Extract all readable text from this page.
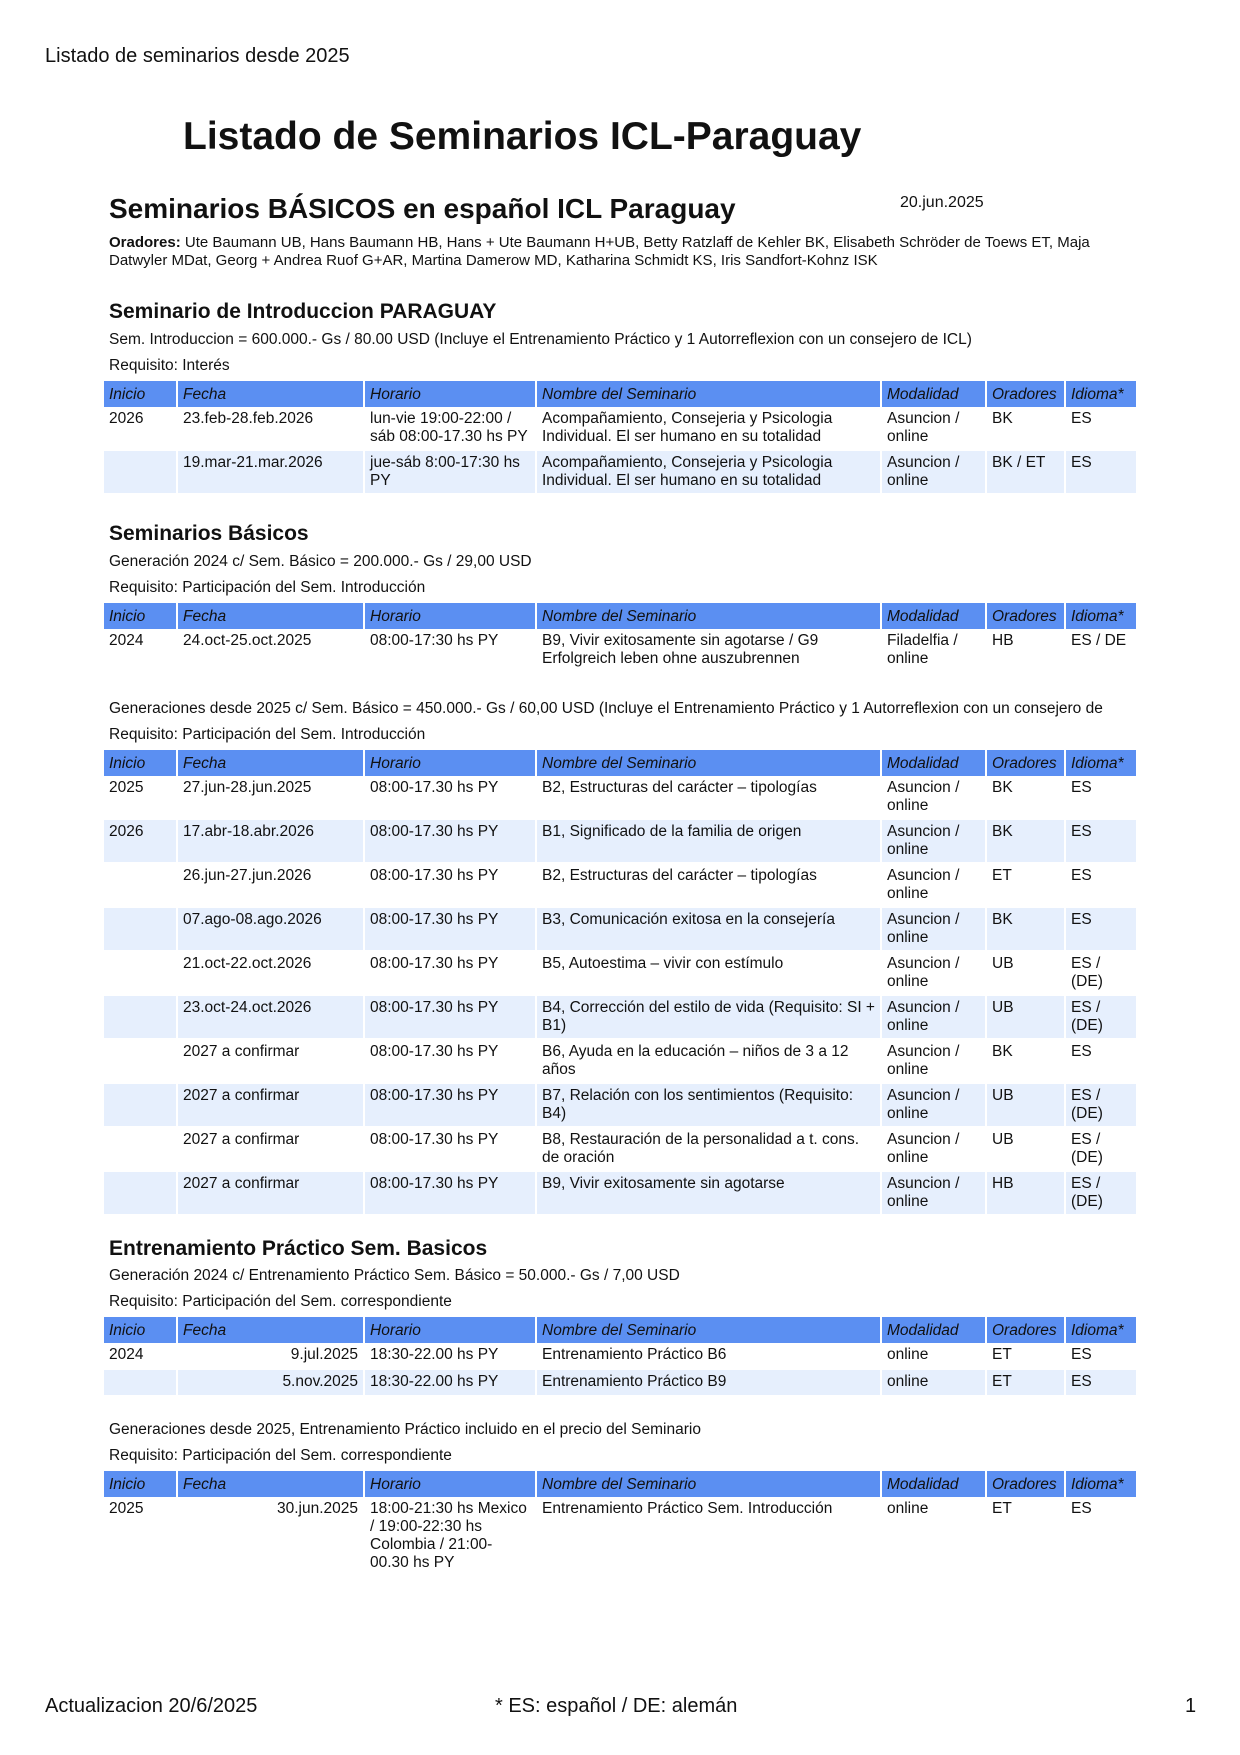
Listado de seminarios desde 2025
Listado de Seminarios ICL-Paraguay
Seminarios BÁSICOS en español ICL Paraguay	20.jun.2025
Oradores: Ute Baumann UB, Hans Baumann HB, Hans + Ute Baumann H+UB, Betty Ratzlaff de Kehler BK, Elisabeth Schröder de Toews ET, Maja Datwyler MDat, Georg + Andrea Ruof G+AR, Martina Damerow MD, Katharina Schmidt KS, Iris Sandfort-Kohnz ISK
Seminario de Introduccion PARAGUAY
Sem. Introduccion = 600.000.- Gs / 80.00 USD (Incluye el Entrenamiento Práctico y 1 Autorreflexion con un consejero de ICL)
Requisito: Interés
Inicio	Fecha	Horario	Nombre del Seminario	Modalidad	Oradores	Idioma*
2026	23.feb-28.feb.2026	lun-vie 19:00-22:00 / sáb 08:00-17.30 hs PY	Acompañamiento, Consejeria y Psicologia Individual. El ser humano en su totalidad	Asuncion / online	BK	ES
	19.mar-21.mar.2026	jue-sáb 8:00-17:30 hs PY	Acompañamiento, Consejeria y Psicologia Individual. El ser humano en su totalidad	Asuncion / online	BK / ET	ES
Seminarios Básicos
Generación 2024 c/ Sem. Básico = 200.000.- Gs / 29,00 USD
Requisito: Participación del Sem. Introducción
Inicio	Fecha	Horario	Nombre del Seminario	Modalidad	Oradores	Idioma*
2024	24.oct-25.oct.2025	08:00-17:30 hs PY	B9, Vivir exitosamente sin agotarse / G9 Erfolgreich leben ohne auszubrennen	Filadelfia / online	HB	ES / DE
Generaciones desde 2025 c/ Sem. Básico = 450.000.- Gs / 60,00 USD (Incluye el Entrenamiento Práctico y 1 Autorreflexion con un consejero de
Requisito: Participación del Sem. Introducción
Inicio	Fecha	Horario	Nombre del Seminario	Modalidad	Oradores	Idioma*
2025	27.jun-28.jun.2025	08:00-17.30 hs PY	B2, Estructuras del carácter – tipologías	Asuncion / online	BK	ES
2026	17.abr-18.abr.2026	08:00-17.30 hs PY	B1, Significado de la familia de origen	Asuncion / online	BK	ES
	26.jun-27.jun.2026	08:00-17.30 hs PY	B2, Estructuras del carácter – tipologías	Asuncion / online	ET	ES
	07.ago-08.ago.2026	08:00-17.30 hs PY	B3, Comunicación exitosa en la consejería	Asuncion / online	BK	ES
	21.oct-22.oct.2026	08:00-17.30 hs PY	B5, Autoestima – vivir con estímulo	Asuncion / online	UB	ES / (DE)
	23.oct-24.oct.2026	08:00-17.30 hs PY	B4, Corrección del estilo de vida (Requisito: SI + B1)	Asuncion / online	UB	ES / (DE)
	2027 a confirmar	08:00-17.30 hs PY	B6, Ayuda en la educación – niños de 3 a 12 años	Asuncion / online	BK	ES
	2027 a confirmar	08:00-17.30 hs PY	B7, Relación con los sentimientos (Requisito: B4)	Asuncion / online	UB	ES / (DE)
	2027 a confirmar	08:00-17.30 hs PY	B8, Restauración de la personalidad a t. cons. de oración	Asuncion / online	UB	ES / (DE)
	2027 a confirmar	08:00-17.30 hs PY	B9, Vivir exitosamente sin agotarse	Asuncion / online	HB	ES / (DE)
Entrenamiento Práctico Sem. Basicos
Generación 2024 c/ Entrenamiento Práctico Sem. Básico = 50.000.- Gs / 7,00 USD
Requisito: Participación del Sem. correspondiente
Inicio	Fecha	Horario	Nombre del Seminario	Modalidad	Oradores	Idioma*
2024	9.jul.2025	18:30-22.00 hs PY	Entrenamiento Práctico B6	online	ET	ES
	5.nov.2025	18:30-22.00 hs PY	Entrenamiento Práctico B9	online	ET	ES
Generaciones desde 2025, Entrenamiento Práctico incluido en el precio del Seminario
Requisito: Participación del Sem. correspondiente
Inicio	Fecha	Horario	Nombre del Seminario	Modalidad	Oradores	Idioma*
2025	30.jun.2025	18:00-21:30 hs Mexico / 19:00-22:30 hs Colombia / 21:00-00.30 hs PY	Entrenamiento Práctico Sem. Introducción	online	ET	ES
Actualizacion 20/6/2025	* ES: español / DE: alemán	1
